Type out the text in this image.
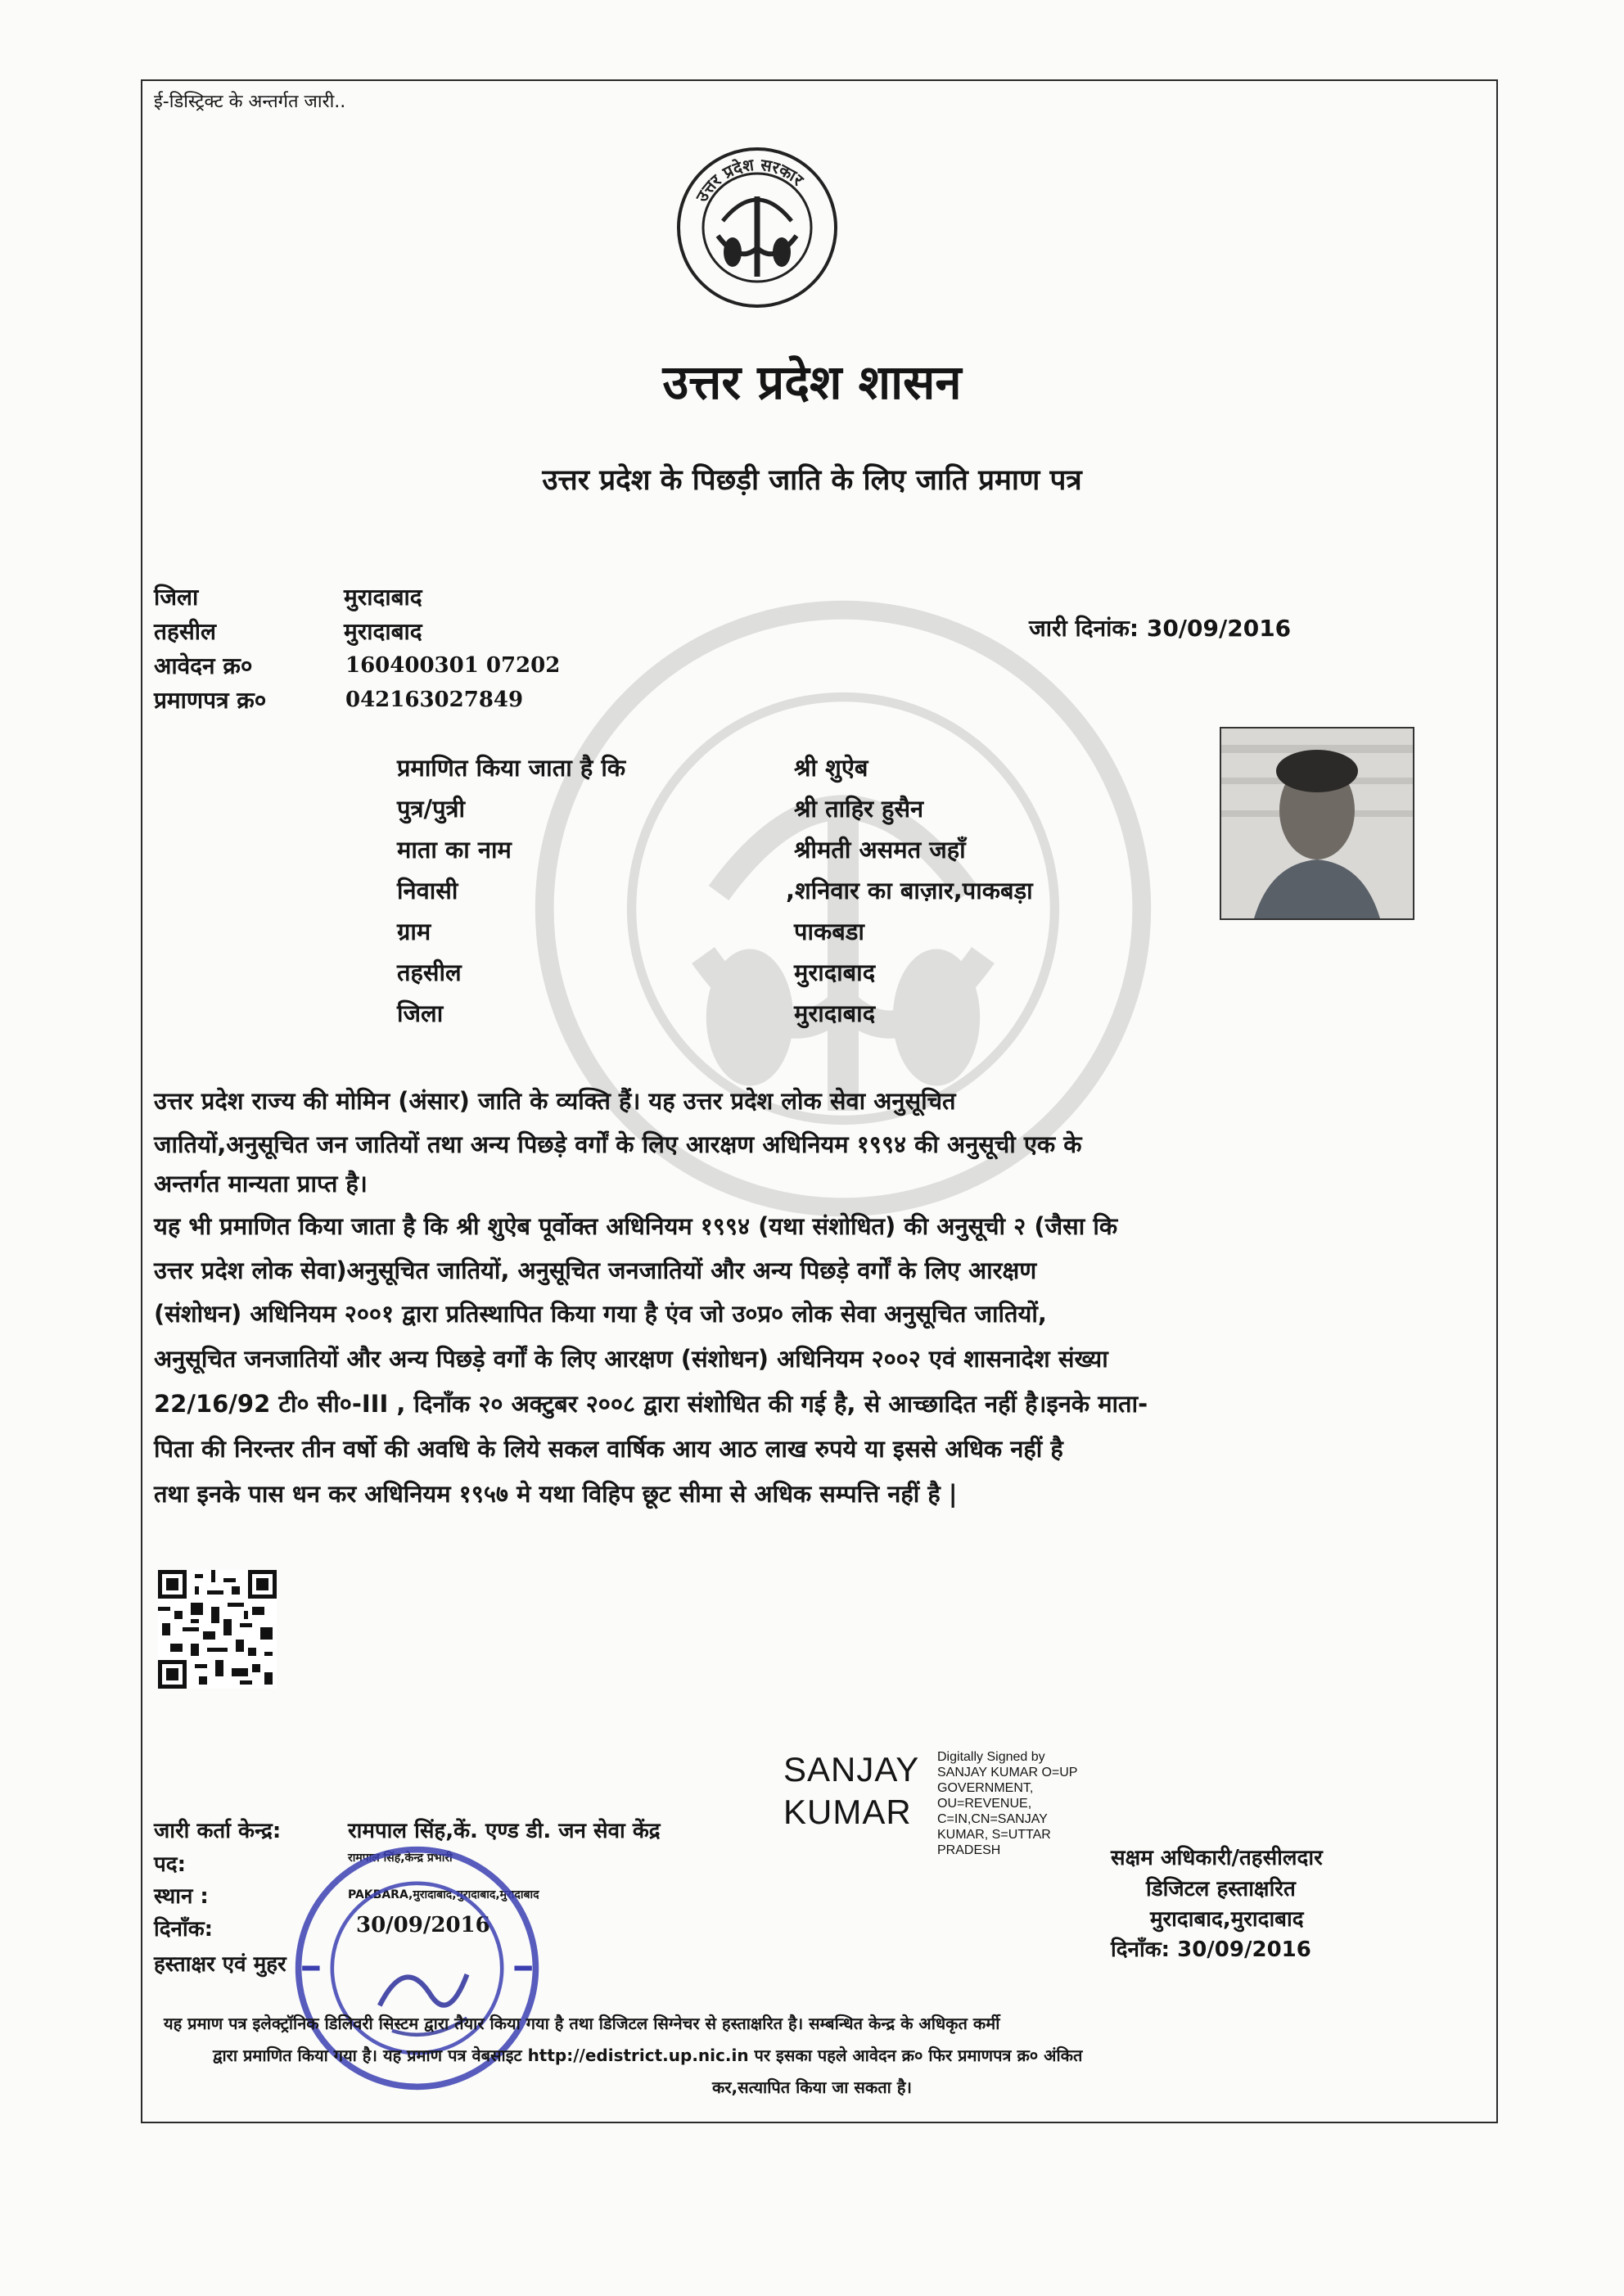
ई-डिस्ट्रिक्ट के अन्तर्गत जारी..
उत्तर प्रदेश सरकार
उत्तर प्रदेश शासन
उत्तर प्रदेश के पिछड़ी जाति के लिए जाति प्रमाण पत्र
जिला	मुरादाबाद
तहसील	मुरादाबाद
आवेदन क्र०	160400301 07202
प्रमाणपत्र क्र०	042163027849
जारी दिनांक: 30/09/2016
प्रमाणित किया जाता है कि	श्री शुऐब
पुत्र/पुत्री	श्री ताहिर हुसैन
माता का नाम	श्रीमती असमत जहाँ
निवासी	,शनिवार का बाज़ार,पाकबड़ा
ग्राम	पाकबडा
तहसील	मुरादाबाद
जिला	मुरादाबाद
उत्तर प्रदेश राज्य की मोमिन (अंसार) जाति के व्यक्ति हैं। यह उत्तर प्रदेश लोक सेवा अनुसूचित
जातियों,अनुसूचित जन जातियों तथा अन्य पिछड़े वर्गों के लिए आरक्षण अधिनियम १९९४ की अनुसूची एक के
अन्तर्गत मान्यता प्राप्त है।
यह भी प्रमाणित किया जाता है कि श्री शुऐब पूर्वोक्त अधिनियम १९९४ (यथा संशोधित) की अनुसूची २ (जैसा कि
उत्तर प्रदेश लोक सेवा)अनुसूचित जातियों, अनुसूचित जनजातियों और अन्य पिछड़े वर्गों के लिए आरक्षण
(संशोधन) अधिनियम २००१ द्वारा प्रतिस्थापित किया गया है एंव जो उ०प्र० लोक सेवा अनुसूचित जातियों,
अनुसूचित जनजातियों और अन्य पिछड़े वर्गों के लिए आरक्षण (संशोधन) अधिनियम २००२ एवं शासनादेश संख्या
22/16/92 टी० सी०-III , दिनाँक २० अक्टुबर २००८ द्वारा संशोधित की गई है, से आच्छादित नहीं है।इनके माता-
पिता की निरन्तर तीन वर्षो की अवधि के लिये सकल वार्षिक आय आठ लाख रुपये या इससे अधिक नहीं है
तथा इनके पास धन कर अधिनियम १९५७ मे यथा विहिप छूट सीमा से अधिक सम्पत्ति नहीं है |
SANJAY
KUMAR
Digitally Signed by SANJAY KUMAR O=UP GOVERNMENT, OU=REVENUE, C=IN,CN=SANJAY KUMAR, S=UTTAR PRADESH
जारी कर्ता केन्द्र:	रामपाल सिंह,कें. एण्ड डी. जन सेवा केंद्र
पद:	रामपाल सिंह,केन्द्र प्रभारी
स्थान :	PAKBARA,मुरादाबाद,मुरादाबाद,मुरादाबाद
दिनाँक:	30/09/2016
हस्ताक्षर एवं मुहर
सक्षम अधिकारी/तहसीलदार
डिजिटल हस्ताक्षरित
मुरादाबाद,मुरादाबाद
दिनाँक: 30/09/2016
यह प्रमाण पत्र इलेक्ट्रॉनिक डिलिवरी सिस्टम द्वारा तैयार किया गया है तथा डिजिटल सिग्नेचर से हस्ताक्षरित है। सम्बन्धित केन्द्र के अधिकृत कर्मी
द्वारा प्रमाणित किया गया है। यह प्रमाण पत्र वेबसाइट http://edistrict.up.nic.in पर इसका पहले आवेदन क्र० फिर प्रमाणपत्र क्र० अंकित
कर,सत्यापित किया जा सकता है।
